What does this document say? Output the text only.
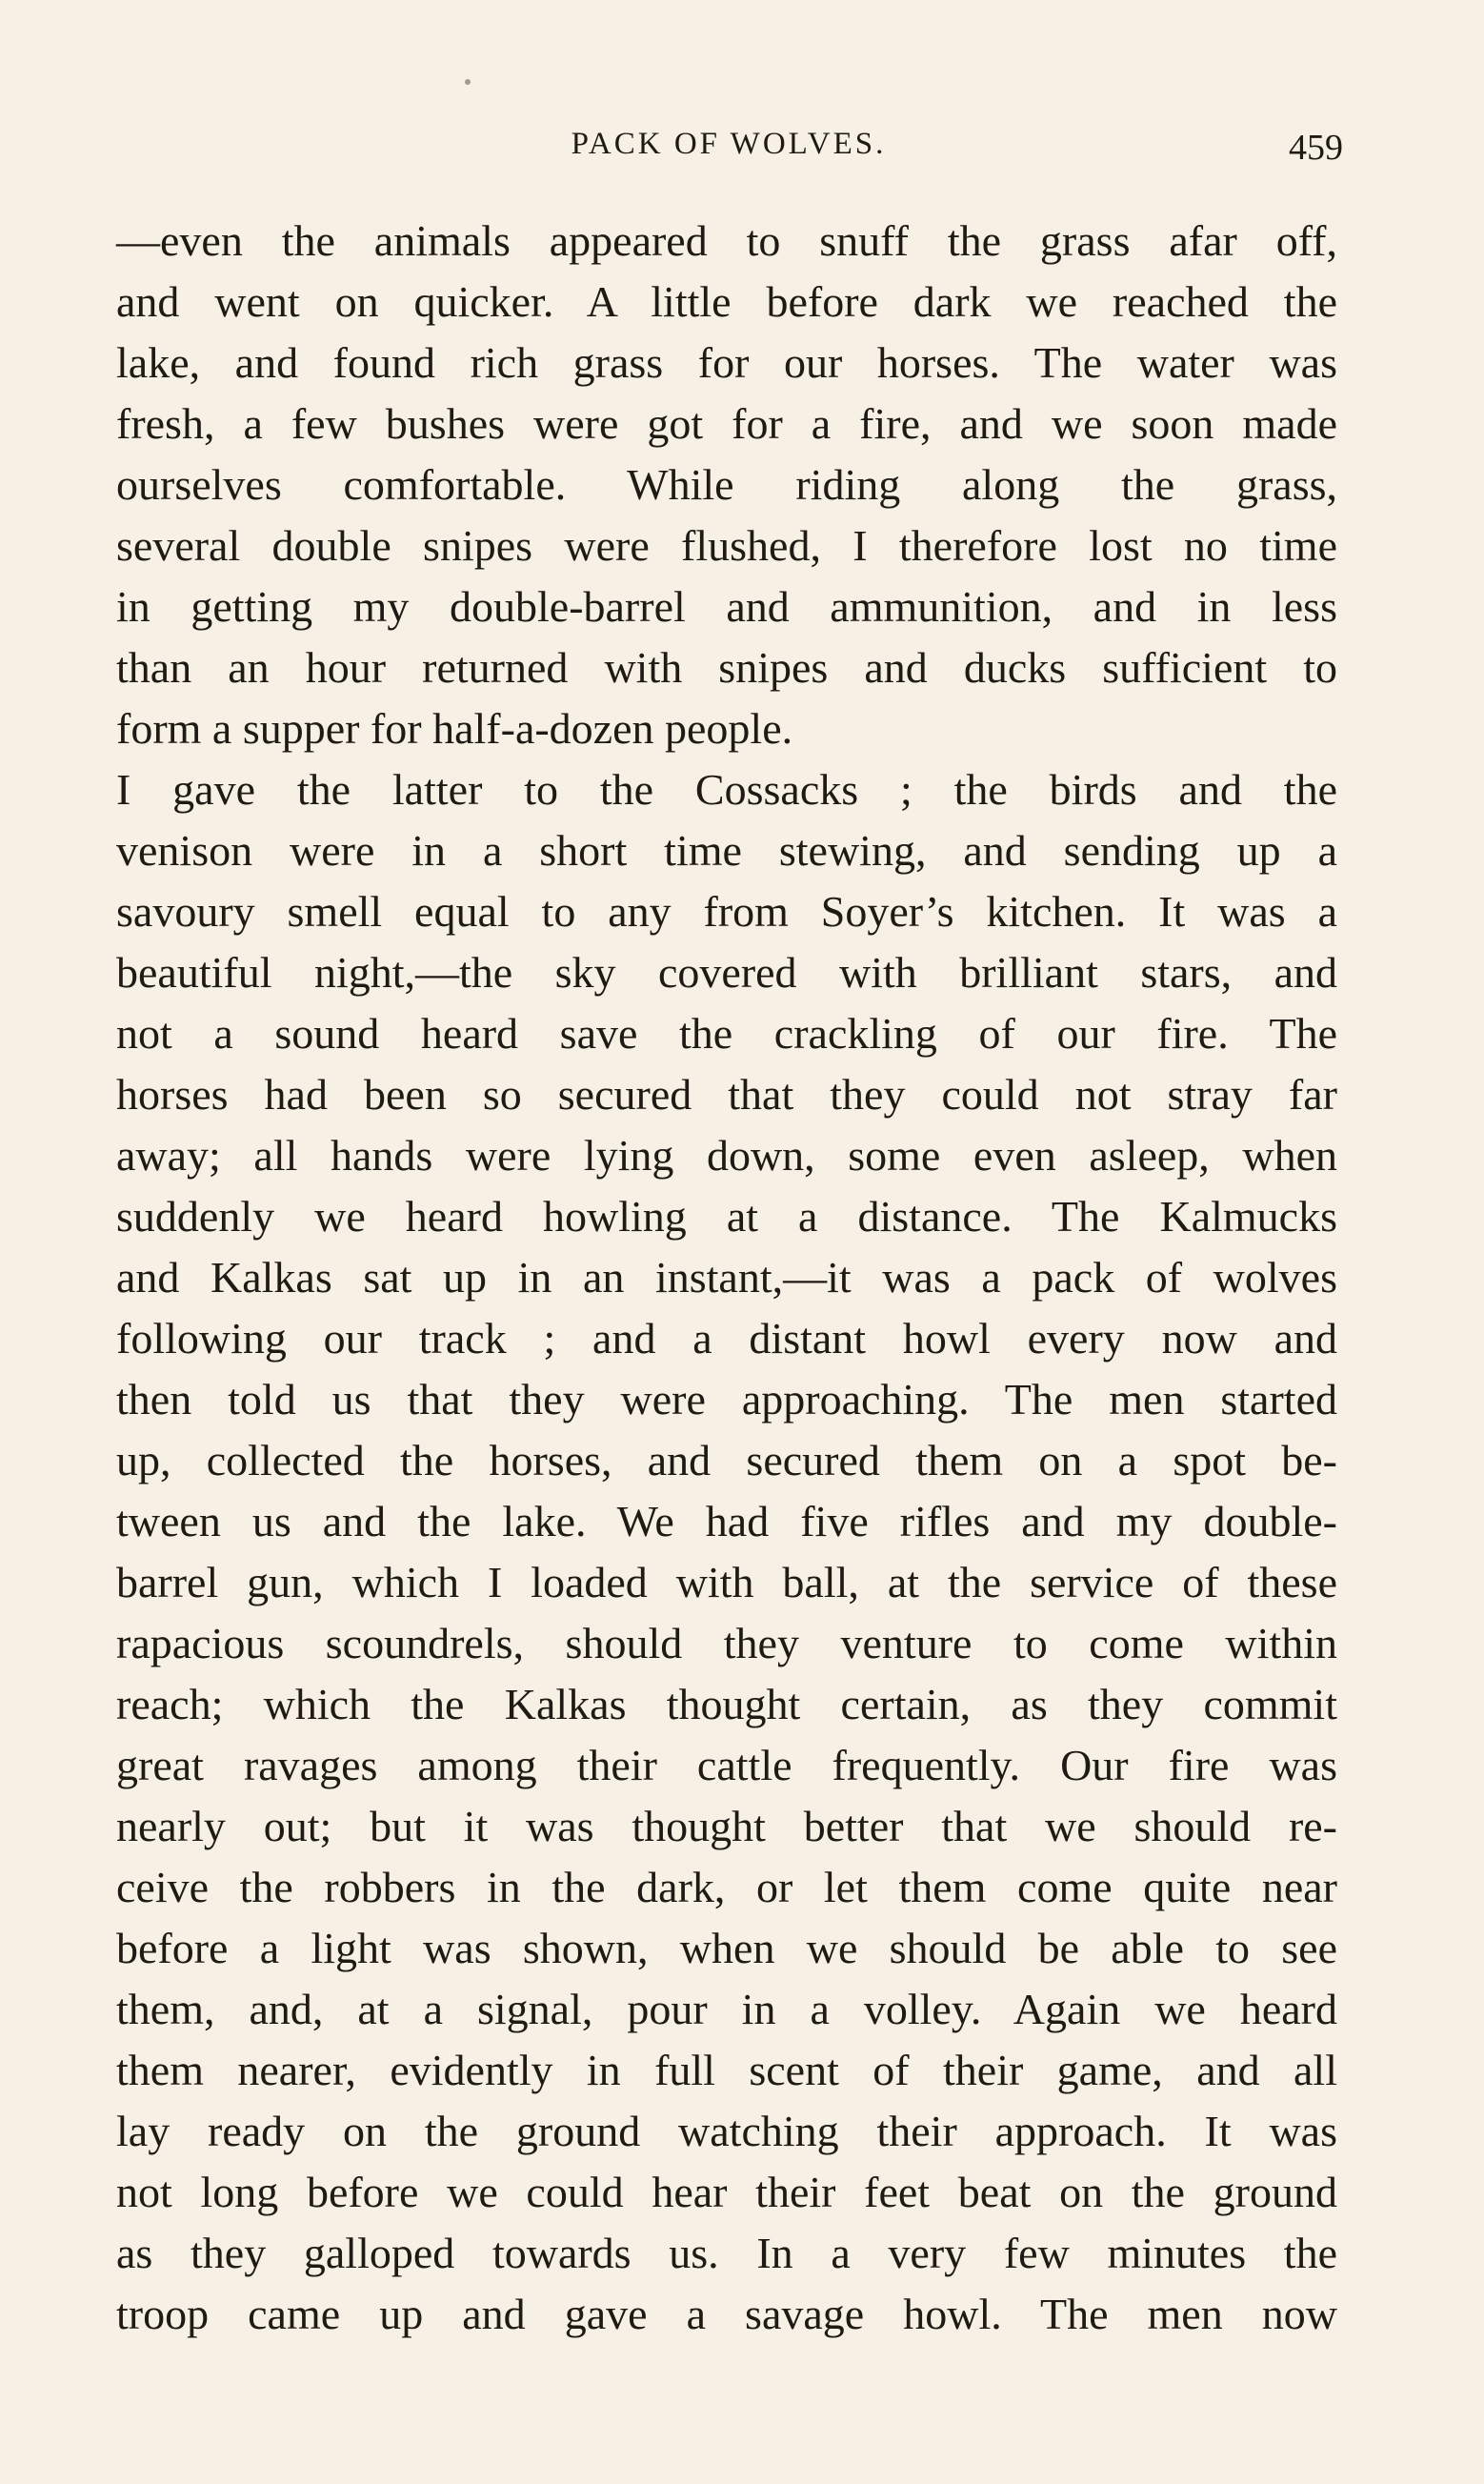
PACK OF WOLVES.	459
—even the animals appeared to snuff the grass afar off,
and went on quicker. A little before dark we reached the
lake, and found rich grass for our horses. The water was
fresh, a few bushes were got for a fire, and we soon made
ourselves comfortable. While riding along the grass,
several double snipes were flushed, I therefore lost no time
in getting my double-barrel and ammunition, and in less
than an hour returned with snipes and ducks sufficient to
form a supper for half-a-dozen people.
I gave the latter to the Cossacks ; the birds and the
venison were in a short time stewing, and sending up a
savoury smell equal to any from Soyer’s kitchen. It was a
beautiful night,—the sky covered with brilliant stars, and
not a sound heard save the crackling of our fire. The
horses had been so secured that they could not stray far
away; all hands were lying down, some even asleep, when
suddenly we heard howling at a distance. The Kalmucks
and Kalkas sat up in an instant,—it was a pack of wolves
following our track ; and a distant howl every now and
then told us that they were approaching. The men started
up, collected the horses, and secured them on a spot be-
tween us and the lake. We had five rifles and my double-
barrel gun, which I loaded with ball, at the service of these
rapacious scoundrels, should they venture to come within
reach; which the Kalkas thought certain, as they commit
great ravages among their cattle frequently. Our fire was
nearly out; but it was thought better that we should re-
ceive the robbers in the dark, or let them come quite near
before a light was shown, when we should be able to see
them, and, at a signal, pour in a volley. Again we heard
them nearer, evidently in full scent of their game, and all
lay ready on the ground watching their approach. It was
not long before we could hear their feet beat on the ground
as they galloped towards us. In a very few minutes the
troop came up and gave a savage howl. The men now
